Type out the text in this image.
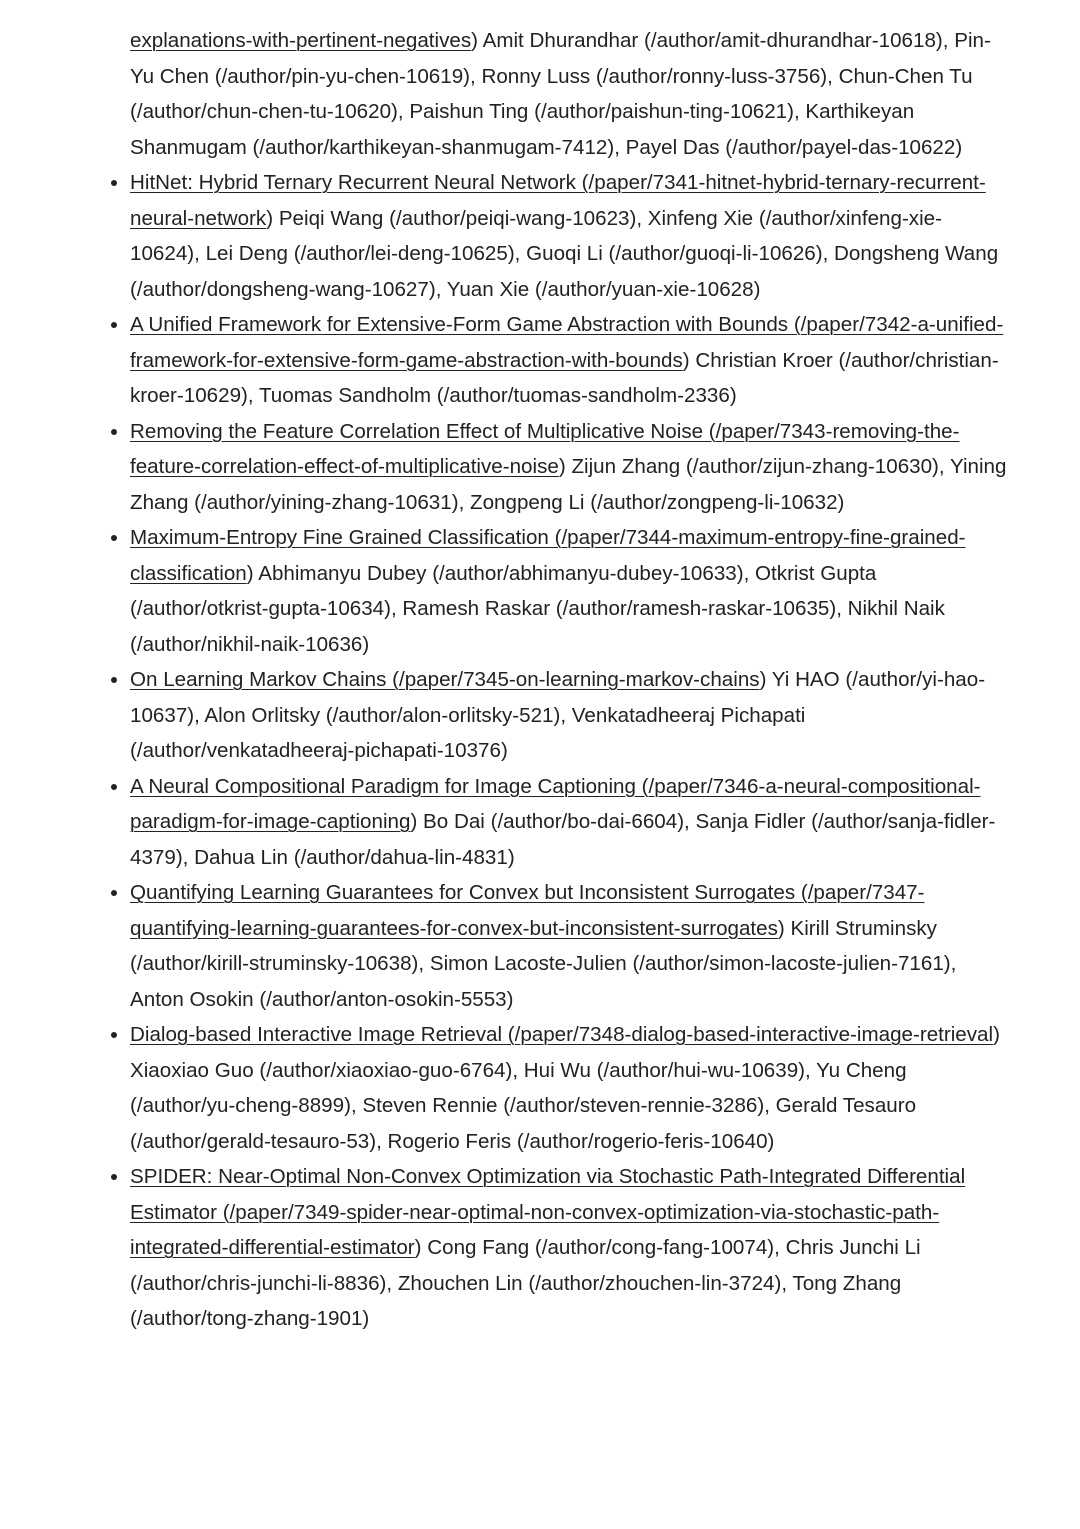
explanations-with-pertinent-negatives) Amit Dhurandhar (/author/amit-dhurandhar-10618), Pin-Yu Chen (/author/pin-yu-chen-10619), Ronny Luss (/author/ronny-luss-3756), Chun-Chen Tu (/author/chun-chen-tu-10620), Paishun Ting (/author/paishun-ting-10621), Karthikeyan Shanmugam (/author/karthikeyan-shanmugam-7412), Payel Das (/author/payel-das-10622)
HitNet: Hybrid Ternary Recurrent Neural Network (/paper/7341-hitnet-hybrid-ternary-recurrent-neural-network) Peiqi Wang (/author/peiqi-wang-10623), Xinfeng Xie (/author/xinfeng-xie-10624), Lei Deng (/author/lei-deng-10625), Guoqi Li (/author/guoqi-li-10626), Dongsheng Wang (/author/dongsheng-wang-10627), Yuan Xie (/author/yuan-xie-10628)
A Unified Framework for Extensive-Form Game Abstraction with Bounds (/paper/7342-a-unified-framework-for-extensive-form-game-abstraction-with-bounds) Christian Kroer (/author/christian-kroer-10629), Tuomas Sandholm (/author/tuomas-sandholm-2336)
Removing the Feature Correlation Effect of Multiplicative Noise (/paper/7343-removing-the-feature-correlation-effect-of-multiplicative-noise) Zijun Zhang (/author/zijun-zhang-10630), Yining Zhang (/author/yining-zhang-10631), Zongpeng Li (/author/zongpeng-li-10632)
Maximum-Entropy Fine Grained Classification (/paper/7344-maximum-entropy-fine-grained-classification) Abhimanyu Dubey (/author/abhimanyu-dubey-10633), Otkrist Gupta (/author/otkrist-gupta-10634), Ramesh Raskar (/author/ramesh-raskar-10635), Nikhil Naik (/author/nikhil-naik-10636)
On Learning Markov Chains (/paper/7345-on-learning-markov-chains) Yi HAO (/author/yi-hao-10637), Alon Orlitsky (/author/alon-orlitsky-521), Venkatadheeraj Pichapati (/author/venkatadheeraj-pichapati-10376)
A Neural Compositional Paradigm for Image Captioning (/paper/7346-a-neural-compositional-paradigm-for-image-captioning) Bo Dai (/author/bo-dai-6604), Sanja Fidler (/author/sanja-fidler-4379), Dahua Lin (/author/dahua-lin-4831)
Quantifying Learning Guarantees for Convex but Inconsistent Surrogates (/paper/7347-quantifying-learning-guarantees-for-convex-but-inconsistent-surrogates) Kirill Struminsky (/author/kirill-struminsky-10638), Simon Lacoste-Julien (/author/simon-lacoste-julien-7161), Anton Osokin (/author/anton-osokin-5553)
Dialog-based Interactive Image Retrieval (/paper/7348-dialog-based-interactive-image-retrieval) Xiaoxiao Guo (/author/xiaoxiao-guo-6764), Hui Wu (/author/hui-wu-10639), Yu Cheng (/author/yu-cheng-8899), Steven Rennie (/author/steven-rennie-3286), Gerald Tesauro (/author/gerald-tesauro-53), Rogerio Feris (/author/rogerio-feris-10640)
SPIDER: Near-Optimal Non-Convex Optimization via Stochastic Path-Integrated Differential Estimator (/paper/7349-spider-near-optimal-non-convex-optimization-via-stochastic-path-integrated-differential-estimator) Cong Fang (/author/cong-fang-10074), Chris Junchi Li (/author/chris-junchi-li-8836), Zhouchen Lin (/author/zhouchen-lin-3724), Tong Zhang (/author/tong-zhang-1901)
